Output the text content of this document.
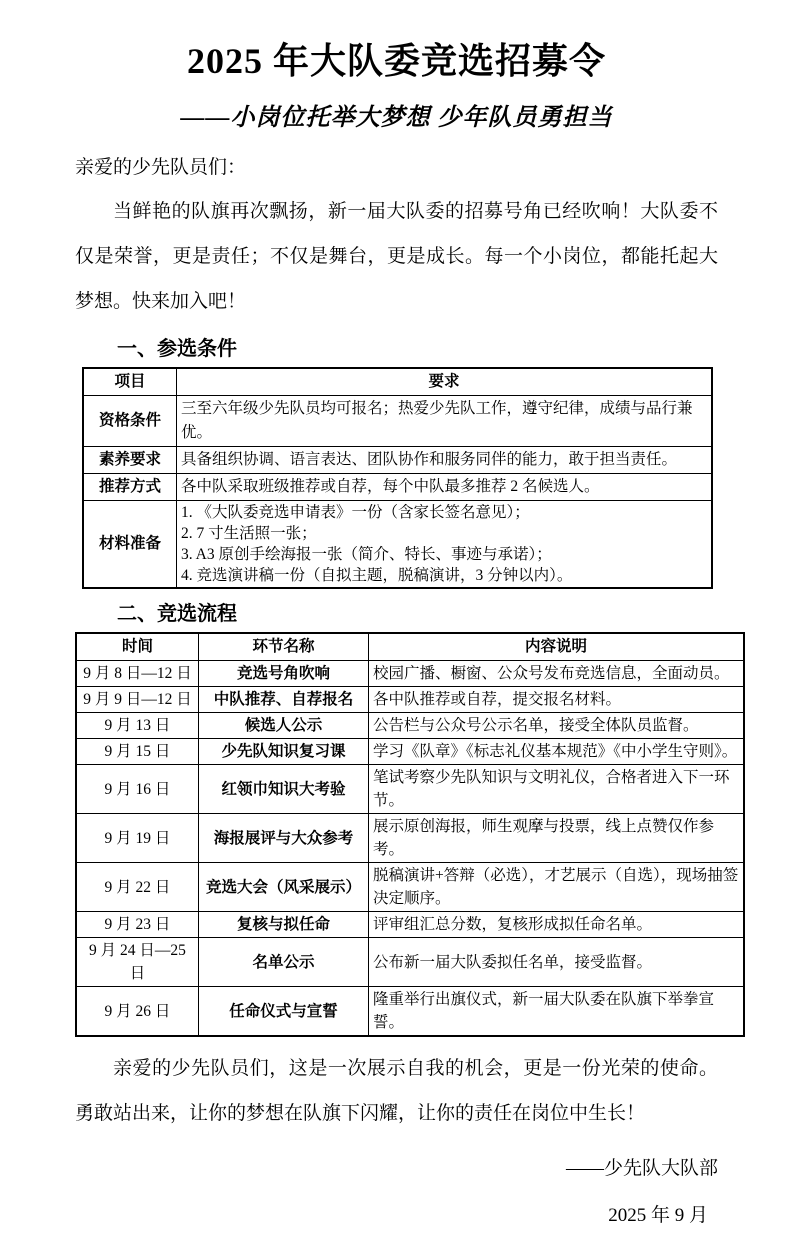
2025 年大队委竞选招募令
——小岗位托举大梦想 少年队员勇担当

亲爱的少先队员们：

当鲜艳的队旗再次飘扬，新一届大队委的招募号角已经吹响！大队委不仅是荣誉，更是责任；不仅是舞台，更是成长。每一个小岗位，都能托起大梦想。快来加入吧！

一、参选条件
项目	要求
资格条件	三至六年级少先队员均可报名；热爱少先队工作，遵守纪律，成绩与品行兼优。
素养要求	具备组织协调、语言表达、团队协作和服务同伴的能力，敢于担当责任。
推荐方式	各中队采取班级推荐或自荐，每个中队最多推荐 2 名候选人。
材料准备	1. 《大队委竞选申请表》一份（含家长签名意见）；
2. 7 寸生活照一张；
3. A3 原创手绘海报一张（简介、特长、事迹与承诺）；
4. 竞选演讲稿一份（自拟主题，脱稿演讲，3 分钟以内）。
二、竞选流程
时间	环节名称	内容说明
9 月 8 日—12 日	竞选号角吹响	校园广播、橱窗、公众号发布竞选信息，全面动员。
9 月 9 日—12 日	中队推荐、自荐报名	各中队推荐或自荐，提交报名材料。
9 月 13 日	候选人公示	公告栏与公众号公示名单，接受全体队员监督。
9 月 15 日	少先队知识复习课	学习《队章》《标志礼仪基本规范》《中小学生守则》。
9 月 16 日	红领巾知识大考验	笔试考察少先队知识与文明礼仪，合格者进入下一环节。
9 月 19 日	海报展评与大众参考	展示原创海报，师生观摩与投票，线上点赞仅作参考。
9 月 22 日	竞选大会（风采展示）	脱稿演讲+答辩（必选），才艺展示（自选），现场抽签决定顺序。
9 月 23 日	复核与拟任命	评审组汇总分数，复核形成拟任命名单。
9 月 24 日—25 日	名单公示	公布新一届大队委拟任名单，接受监督。
9 月 26 日	任命仪式与宣誓	隆重举行出旗仪式，新一届大队委在队旗下举拳宣誓。

亲爱的少先队员们，这是一次展示自我的机会，更是一份光荣的使命。勇敢站出来，让你的梦想在队旗下闪耀，让你的责任在岗位中生长！

——少先队大队部
2025 年 9 月
